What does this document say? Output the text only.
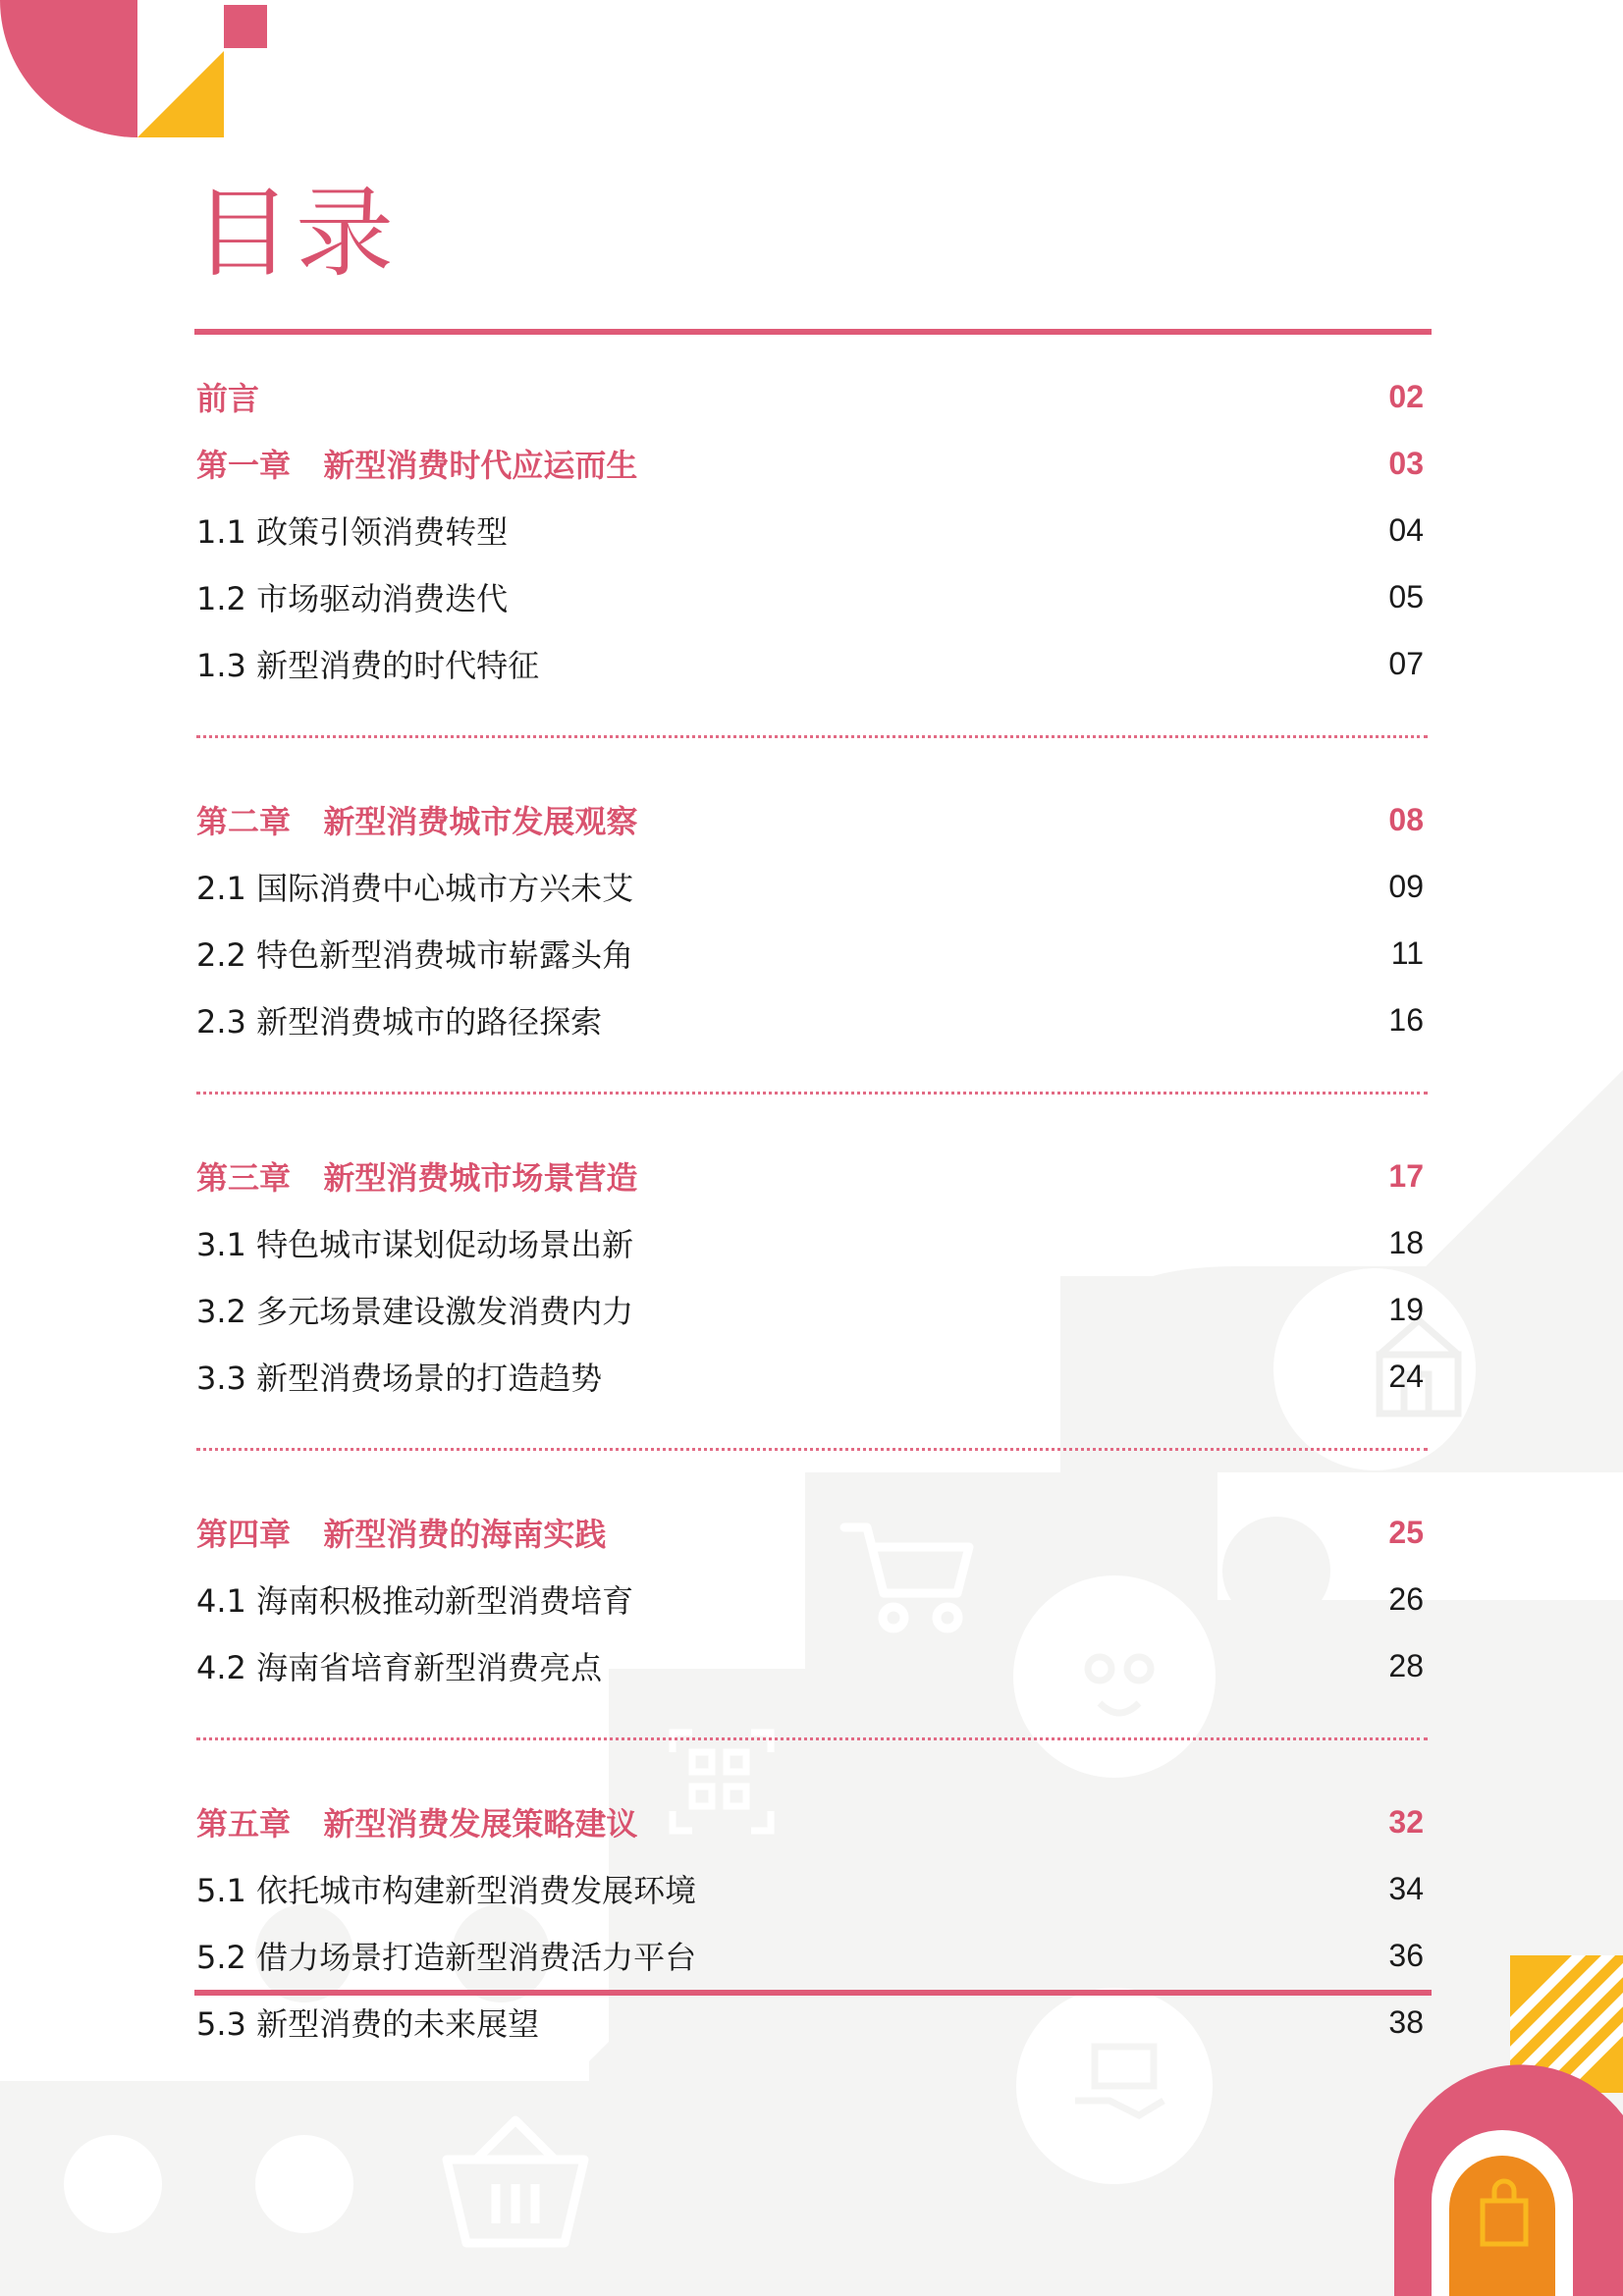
目录
前言	02
第一章   新型消费时代应运而生	03
1.1 政策引领消费转型	04
1.2 市场驱动消费迭代	05
1.3 新型消费的时代特征	07
第二章   新型消费城市发展观察	08
2.1 国际消费中心城市方兴未艾	09
2.2 特色新型消费城市崭露头角	11
2.3 新型消费城市的路径探索	16
第三章   新型消费城市场景营造	17
3.1 特色城市谋划促动场景出新	18
3.2 多元场景建设激发消费内力	19
3.3 新型消费场景的打造趋势	24
第四章   新型消费的海南实践	25
4.1 海南积极推动新型消费培育	26
4.2 海南省培育新型消费亮点	28
第五章   新型消费发展策略建议	32
5.1 依托城市构建新型消费发展环境	34
5.2 借力场景打造新型消费活力平台	36
5.3 新型消费的未来展望	38
